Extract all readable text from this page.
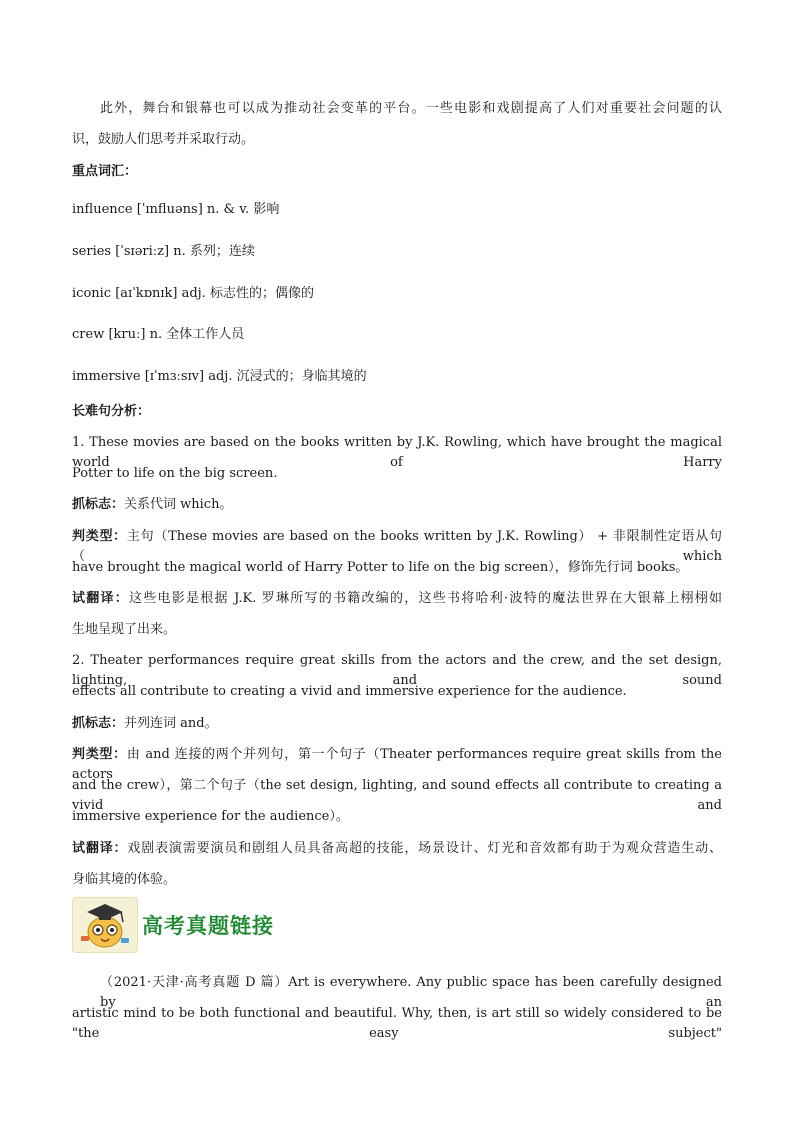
此外，舞台和银幕也可以成为推动社会变革的平台。一些电影和戏剧提高了人们对重要社会问题的认
识，鼓励人们思考并采取行动。
重点词汇：
influence [ˈɪnfluəns] n. & v. 影响
series [ˈsɪəriːz] n. 系列；连续
iconic [aɪˈkɒnɪk] adj. 标志性的；偶像的
crew [kruː] n. 全体工作人员
immersive [ɪˈmɜːsɪv] adj. 沉浸式的；身临其境的
长难句分析：
1. These movies are based on the books written by J.K. Rowling, which have brought the magical world of Harry
Potter to life on the big screen.
抓标志：关系代词 which。
判类型：主句（These movies are based on the books written by J.K. Rowling） + 非限制性定语从句（which
have brought the magical world of Harry Potter to life on the big screen），修饰先行词 books。
试翻译：这些电影是根据 J.K. 罗琳所写的书籍改编的，这些书将哈利·波特的魔法世界在大银幕上栩栩如
生地呈现了出来。
2. Theater performances require great skills from the actors and the crew, and the set design, lighting, and sound
effects all contribute to creating a vivid and immersive experience for the audience.
抓标志：并列连词 and。
判类型：由 and 连接的两个并列句，第一个句子（Theater performances require great skills from the actors
and the crew），第二个句子（the set design, lighting, and sound effects all contribute to creating a vivid and
immersive experience for the audience）。
试翻译：戏剧表演需要演员和剧组人员具备高超的技能，场景设计、灯光和音效都有助于为观众营造生动、
身临其境的体验。
高考真题链接
（2021·天津·高考真题 D 篇）Art is everywhere. Any public space has been carefully designed by an
artistic mind to be both functional and beautiful. Why, then, is art still so widely considered to be "the easy subject"
